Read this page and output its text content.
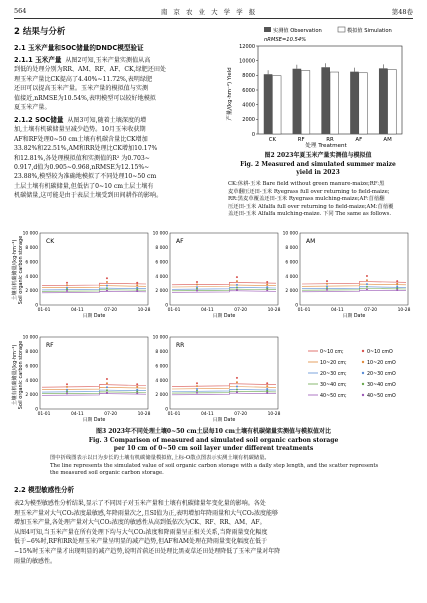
564	南 京 农 业 大 学 学 报	第48卷
2 结果与分析
2.1 玉米产量和SOC储量的DNDC模型验证
2.1.1 玉米产量 从图2可知,玉米产量实测值从高
到低的处理分别为RR、AM、RF、AF、CK,绿肥还田处
理玉米产量比CK提高了4.40%~11.72%,表明绿肥
还田可以提高玉米产量。玉米产量的模拟值与实测
值接近,nRMSE为10.54%,表明模型可以较好地模拟
夏玉米产量。
2.1.2 SOC储量 从图3可知,随着土壤深度的增
加,土壤有机碳储量呈减少趋势。10月玉米收获期
AF和RF处理0~50 cm土壤有机碳含量比CK增加
33.82%和22.51%,AM和RR处理比CK增加10.17%
和12.81%,各处理模拟值和实测值的R² 为0.703~
0.917,d值为0.905~0.968,nRMSE为12.15%~
23.88%,模型较为准确地模拟了不同处理10~50 cm
土层土壤有机碳储量,但低估了0~10 cm土层土壤有
机碳储量,这可能是由于表层土壤受到田间耕作的影响。
实测值 Observation	模拟值 Simulation
nRMSE=10.54%
产量/(kg·hm⁻²) Yield
处理 Treatment
0
2000
4000
6000
8000
10000
12000
CK	RF	RR	AF	AM
图2 2023年夏玉米产量实测值与模拟值
Fig. 2 Measured and simulated summer maize
yield in 2023
CK:休耕-玉米 Bare field without green manure-maize;RF:黑
麦草翻压还田-玉米 Ryegrass full over returning to field-maize;
RR:黑麦草覆盖还田-玉米 Ryegrass mulching-maize;AF:苜蓿翻
压还田-玉米 Alfalfa full over returning to field-maize;AM:苜蓿覆
盖还田-玉米 Alfalfa mulching-maize. 下同 The same as follows.
CK
0
2 000
4 000
6 000
8 000
10 000
01-01	04-11	07-20	10-28
日期 Date
AF
0
2 000
4 000
6 000
8 000
10 000
01-01	04-11	07-20	10-28
日期 Date
AM
0
2 000
4 000
6 000
8 000
10 000
01-01	04-11	07-20	10-28
日期 Date
RF
0
2 000
4 000
6 000
8 000
10 000
01-01	04-11	07-20	10-28
日期 Date
RR
0
2 000
4 000
6 000
8 000
10 000
01-01	04-11	07-20	10-28
日期 Date
土壤有机碳储量/(kg·hm⁻²) Soil organic carbon storage
土壤有机碳储量/(kg·hm⁻²) Soil organic carbon storage	0~10 cm;	0~10 cmO
10~20 cm;	10~20 cmO
20~30 cm;	20~30 cmO
30~40 cm;	30~40 cmO
40~50 cm;	40~50 cmO
图3 2023年不同处理土壤0~50 cm土层每10 cm土壤有机碳储量实测值与模拟值对比
Fig. 3 Comparison of measured and simulated soil organic carbon storage
per 10 cm of 0~50 cm soil layer under different treatments
图中折线图表示以日为步长的土壤有机碳储量模拟值,上标-O散点图表示实测土壤有机碳储量。
The line represents the simulated value of soil organic carbon storage with a daily step length, and the scatter represents
the measured soil organic carbon storage.
2.2 模型敏感性分析
表2为模型敏感性分析结果,显示了不同因子对玉米产量和土壤有机碳储量年变化量的影响。各处
理玉米产量对大气CO₂浓度最敏感,年降雨量次之,且SI值为正,表明增加年降雨量和大气CO₂浓度能够
增加玉米产量,各处理产量对大气CO₂浓度的敏感性从高到低依次为CK、RF、RR、AM、AF。
从图4可知,当玉米产量在所有处理下均与大气CO₂浓度和降雨量呈正相关关系,当降雨量变化幅度
低于−6%时,RF和RR处理玉米产量呈明显的减产趋势,但AF和AM处理在降雨量变化幅度在低于
−15%时玉米产量才出现明显的减产趋势,说明首蓿还田处理比黑麦草还田处理降低了玉米产量对年降
雨量的敏感性。
